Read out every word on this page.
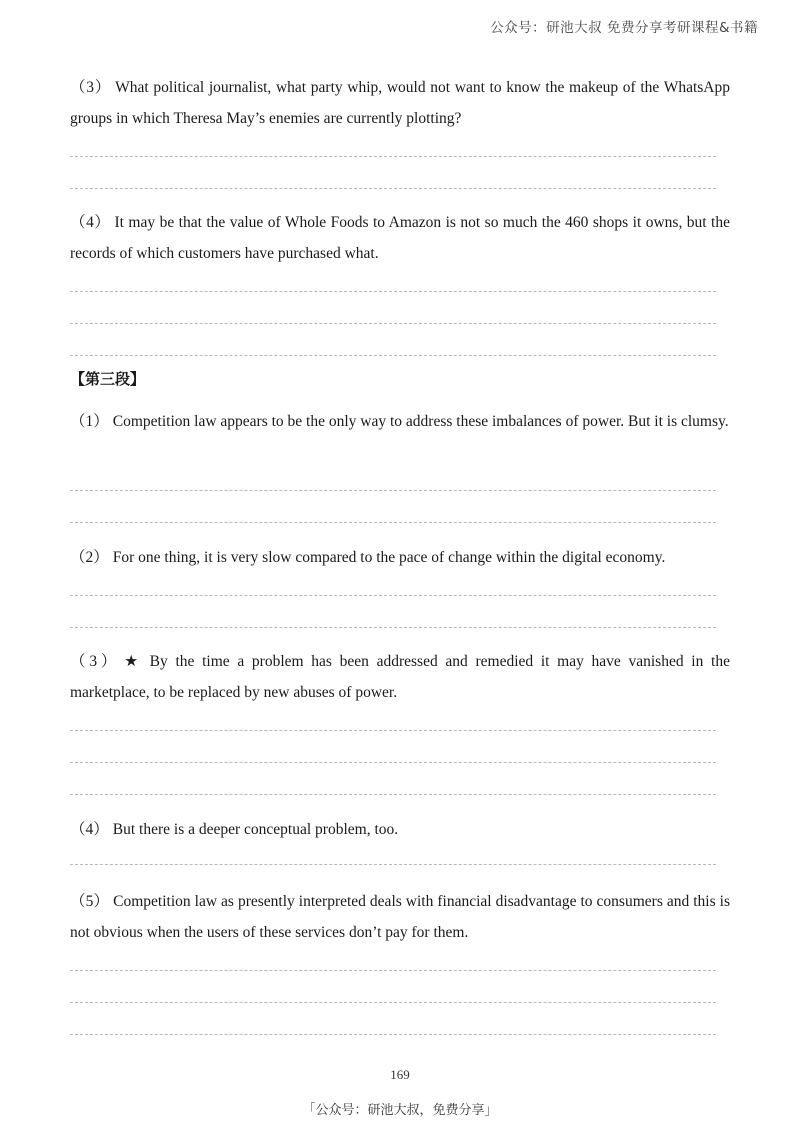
公众号：研池大叔 免费分享考研课程&书籍

（3） What political journalist, what party whip, would not want to know the makeup of the WhatsApp groups in which Theresa May’s enemies are currently plotting?

（4） It may be that the value of Whole Foods to Amazon is not so much the 460 shops it owns, but the records of which customers have purchased what.

【第三段】

（1） Competition law appears to be the only way to address these imbalances of power. But it is clumsy.

（2） For one thing, it is very slow compared to the pace of change within the digital economy.

（3） ★ By the time a problem has been addressed and remedied it may have vanished in the marketplace, to be replaced by new abuses of power.

（4） But there is a deeper conceptual problem, too.

（5） Competition law as presently interpreted deals with financial disadvantage to consumers and this is not obvious when the users of these services don’t pay for them.

169
「公众号：研池大叔，免费分享」
